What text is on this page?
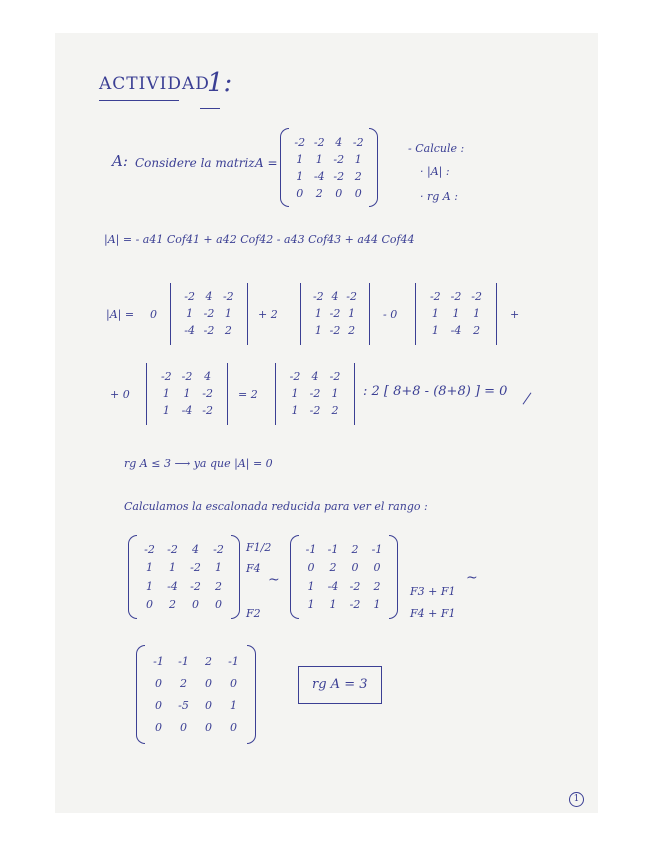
ACTIVIDAD
1:
A: Considere la matriz A =
-2 -2 4 -2
1	1 -2 1
1 -4 -2 2
0	2	0	0
- Calcule :
· |A| :
· rg A :
|A| = - a41 Cof41 + a42 Cof42 - a43 Cof43 + a44 Cof44
|A| = 0
-2 4 -2
1 -2 1
-4 -2 2
+ 2
-2 4 -2
1 -2 1
1 -2 2
- 0
-2 -2 -2
1	1	1
1	-4	2
+
+ 0
-2 -2	4
1	1	-2
1	-4 -2
= 2
-2	4	-2
1	-2	1
1	-2	2
: 2 [ 8+8 - (8+8) ] = 0
rg A ≤ 3 ⟶ ya que |A| = 0
Calculamos la escalonada reducida para ver el rango :
-2	-2	4	-2
1	1	-2	1
1	-4	-2	2
0	2	0	0
F1/2
F4
F2
~
-1	-1	2	-1
0	2	0	0
1	-4	-2	2
1	1	-2	1
F3 + F1
F4 + F1
~
-1	-1	2	-1
0	2	0	0
0	-5	0	1
0	0	0	0
rg A = 3
1
